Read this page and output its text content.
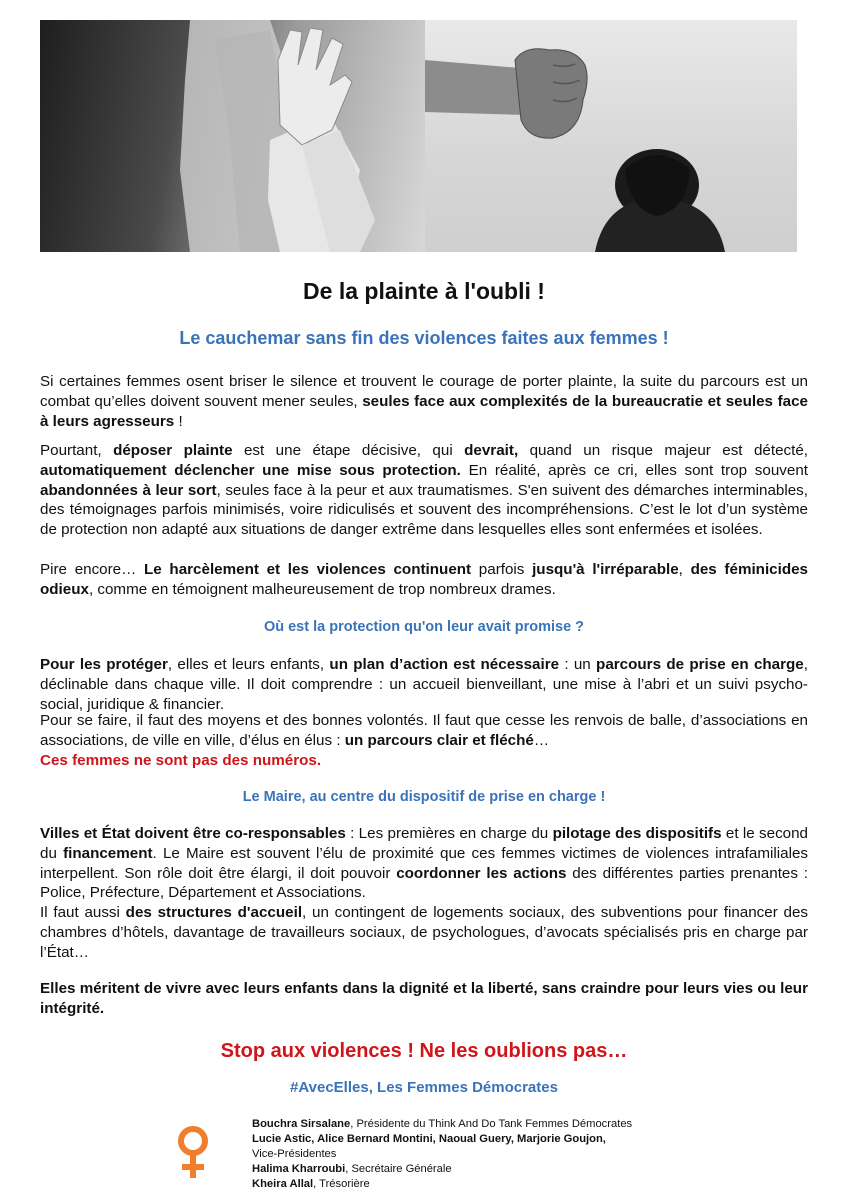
De la plainte à l'oubli !
Le cauchemar sans fin des violences faites aux femmes !
Si certaines femmes osent briser le silence et trouvent le courage de porter plainte, la suite du parcours est un combat qu’elles doivent souvent mener seules, seules face aux complexités de la bureaucratie et seules face à leurs agresseurs !
Pourtant, déposer plainte est une étape décisive, qui devrait, quand un risque majeur est détecté, automatiquement déclencher une mise sous protection. En réalité, après ce cri, elles sont trop souvent abandonnées à leur sort, seules face à la peur et aux traumatismes. S'en suivent des démarches interminables, des témoignages parfois minimisés, voire ridiculisés et souvent des incompréhensions. C’est le lot d’un système de protection non adapté aux situations de danger extrême dans lesquelles elles sont enfermées et isolées.
Pire encore… Le harcèlement et les violences continuent parfois jusqu'à l'irréparable, des féminicides odieux, comme en témoignent malheureusement de trop nombreux drames.
Où est la protection qu'on leur avait promise ?
Pour les protéger, elles et leurs enfants, un plan d’action est nécessaire : un parcours de prise en charge, déclinable dans chaque ville. Il doit comprendre : un accueil bienveillant, une mise à l’abri et un suivi psycho-social, juridique & financier.
Pour se faire, il faut des moyens et des bonnes volontés. Il faut que cesse les renvois de balle, d’associations en associations, de ville en ville, d’élus en élus : un parcours clair et fléché…
Ces femmes ne sont pas des numéros.
Le Maire, au centre du dispositif de prise en charge !
Villes et État doivent être co-responsables : Les premières en charge du pilotage des dispositifs et le second du financement. Le Maire est souvent l’élu de proximité que ces femmes victimes de violences intrafamiliales interpellent. Son rôle doit être élargi, il doit pouvoir coordonner les actions des différentes parties prenantes : Police, Préfecture, Département et Associations.
Il faut aussi des structures d'accueil, un contingent de logements sociaux, des subventions pour financer des chambres d’hôtels, davantage de travailleurs sociaux, de psychologues, d’avocats spécialisés pris en charge par l’État…
Elles méritent de vivre avec leurs enfants dans la dignité et la liberté, sans craindre pour leurs vies ou leur intégrité.
Stop aux violences ! Ne les oublions pas…
#AvecElles, Les Femmes Démocrates
Bouchra Sirsalane, Présidente du Think And Do Tank Femmes Démocrates
Lucie Astic, Alice Bernard Montini, Naoual Guery, Marjorie Goujon,
Vice-Présidentes
Halima Kharroubi, Secrétaire Générale
Kheira Allal, Trésorière
